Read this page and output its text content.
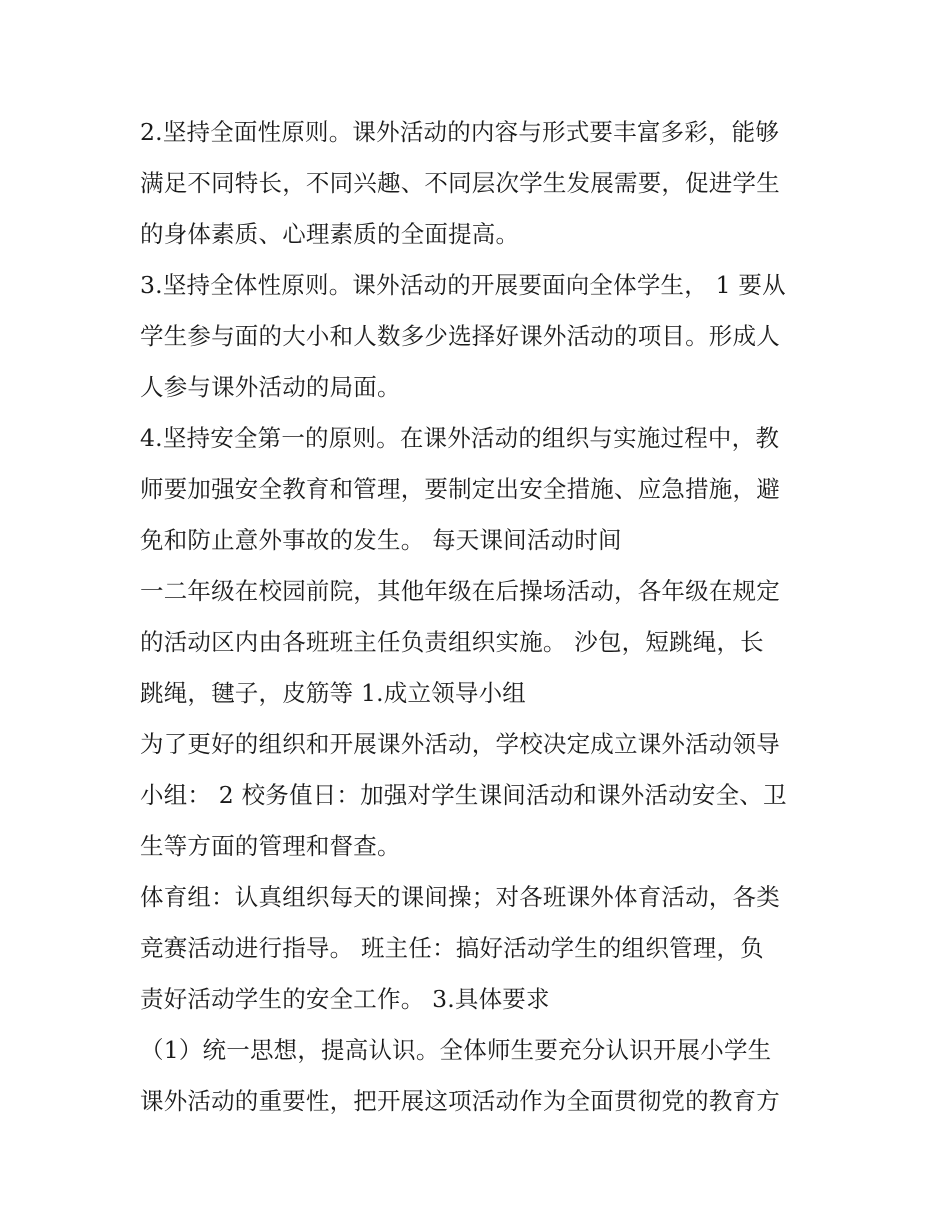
2.坚持全面性原则。课外活动的内容与形式要丰富多彩，能够
满足不同特长，不同兴趣、不同层次学生发展需要，促进学生
的身体素质、心理素质的全面提高。
3.坚持全体性原则。课外活动的开展要面向全体学生， 1 要从
学生参与面的大小和人数多少选择好课外活动的项目。形成人
人参与课外活动的局面。
4.坚持安全第一的原则。在课外活动的组织与实施过程中，教
师要加强安全教育和管理，要制定出安全措施、应急措施，避
免和防止意外事故的发生。 每天课间活动时间
一二年级在校园前院，其他年级在后操场活动，各年级在规定
的活动区内由各班班主任负责组织实施。 沙包，短跳绳，长
跳绳，毽子，皮筋等 1.成立领导小组
为了更好的组织和开展课外活动，学校决定成立课外活动领导
小组： 2 校务值日：加强对学生课间活动和课外活动安全、卫
生等方面的管理和督查。
体育组：认真组织每天的课间操；对各班课外体育活动，各类
竞赛活动进行指导。 班主任：搞好活动学生的组织管理，负
责好活动学生的安全工作。 3.具体要求
（1）统一思想，提高认识。全体师生要充分认识开展小学生
课外活动的重要性，把开展这项活动作为全面贯彻党的教育方
